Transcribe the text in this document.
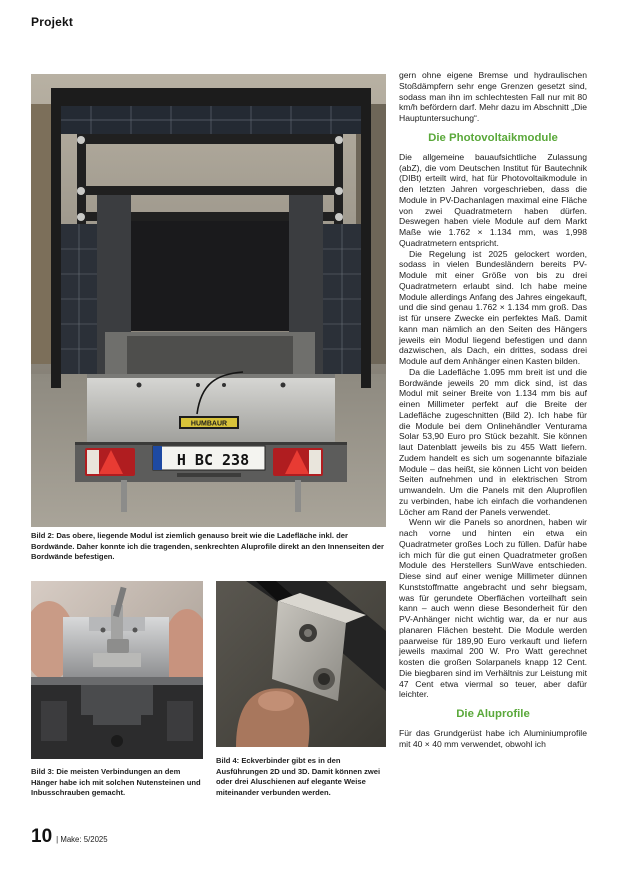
Projekt
HUMBAUR
H BC 238
Bild 2: Das obere, liegende Modul ist ziemlich genauso breit wie die Ladefläche inkl. der Bordwände. Daher konnte ich die tragenden, senkrechten Aluprofile direkt an den Innenseiten der Bordwände befestigen.
Bild 3: Die meisten Verbindungen an dem Hänger habe ich mit solchen Nutensteinen und Inbusschrauben gemacht.
Bild 4: Eckverbinder gibt es in den Ausführungen 2D und 3D. Damit können zwei oder drei Aluschienen auf elegante Weise miteinander verbunden werden.

gern ohne eigene Bremse und hydraulischen Stoßdämpfern sehr enge Grenzen gesetzt sind, sodass man ihn im schlechtesten Fall nur mit 80 km/h befördern darf. Mehr dazu im Abschnitt „Die Hauptuntersuchung“.

Die Photovoltaikmodule

Die allgemeine bauaufsichtliche Zulassung (abZ), die vom Deutschen Institut für Bautechnik (DIBt) erteilt wird, hat für Photovoltaikmodule in den letzten Jahren vorgeschrieben, dass die Module in PV-Dachanlagen maximal eine Fläche von zwei Quadratmetern haben dürfen. Deswegen haben viele Module auf dem Markt Maße wie 1.762 × 1.134 mm, was 1,998 Quadratmetern entspricht.

Die Regelung ist 2025 gelockert worden, sodass in vielen Bundesländern bereits PV-Module mit einer Größe von bis zu drei Quadratmetern erlaubt sind. Ich habe meine Module allerdings Anfang des Jahres eingekauft, und die sind genau 1.762 × 1.134 mm groß. Das ist für unsere Zwecke ein perfektes Maß. Damit kann man nämlich an den Seiten des Hängers jeweils ein Modul liegend befestigen und dann dazwischen, als Dach, ein drittes, sodass drei Module auf dem Anhänger einen Kasten bilden.

Da die Ladefläche 1.095 mm breit ist und die Bordwände jeweils 20 mm dick sind, ist das Modul mit seiner Breite von 1.134 mm bis auf einen Millimeter perfekt auf die Breite der Ladefläche zugeschnitten (Bild 2). Ich habe für die Module bei dem Onlinehändler Venturama Solar 53,90 Euro pro Stück bezahlt. Sie können laut Datenblatt jeweils bis zu 455 Watt liefern. Zudem handelt es sich um sogenannte bifaziale Module – das heißt, sie können Licht von beiden Seiten aufnehmen und in elektrischen Strom umwandeln. Um die Panels mit den Aluprofilen zu verbinden, habe ich einfach die vorhandenen Löcher am Rand der Panels verwendet.

Wenn wir die Panels so anordnen, haben wir nach vorne und hinten ein etwa ein Quadratmeter großes Loch zu füllen. Dafür habe ich mich für die gut einen Quadratmeter großen Module des Herstellers SunWave entschieden. Diese sind auf einer wenige Millimeter dünnen Kunststoffmatte angebracht und sehr biegsam, was für gerundete Oberflächen vorteilhaft sein kann – auch wenn diese Besonderheit für den PV-Anhänger nicht wichtig war, da er nur aus planaren Flächen besteht. Die Module werden paarweise für 189,90 Euro verkauft und liefern jeweils maximal 200 W. Pro Watt gerechnet kosten die großen Solarpanels knapp 12 Cent. Die biegbaren sind im Verhältnis zur Leistung mit 47 Cent etwa viermal so teuer, aber dafür leichter.

Die Aluprofile

Für das Grundgerüst habe ich Aluminiumprofile mit 40 × 40 mm verwendet, obwohl ich

10 | Make: 5/2025
